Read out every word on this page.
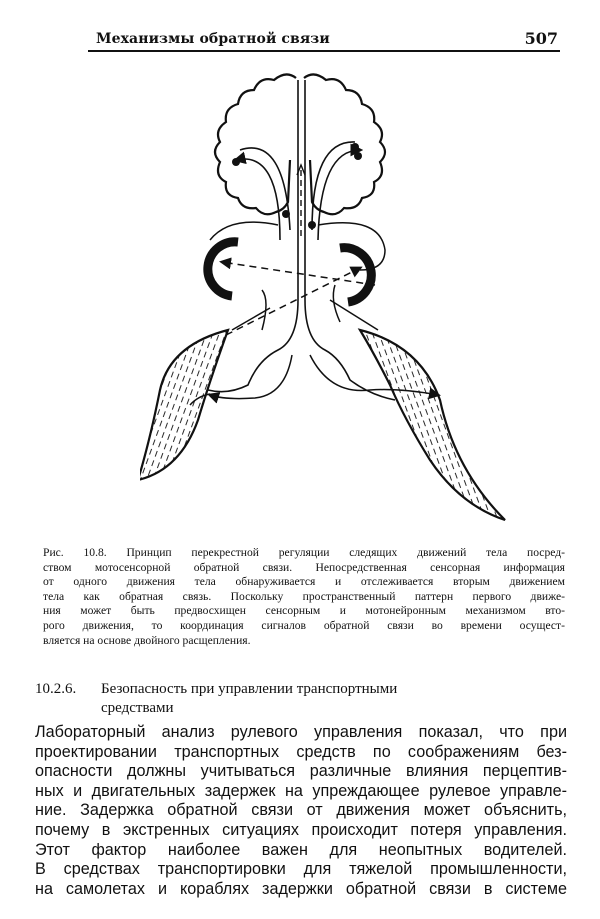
Механизмы обратной связи	507
Рис. 10.8. Принцип перекрестной регуляции следящих движений тела посред-
ством мотосенсорной обратной связи. Непосредственная сенсорная информация
от одного движения тела обнаруживается и отслеживается вторым движением
тела как обратная связь. Поскольку пространственный паттерн первого движе-
ния может быть предвосхищен сенсорным и мотонейронным механизмом вто-
рого движения, то координация сигналов обратной связи во времени осущест-
вляется на основе двойного расщепления.
10.2.6. Безопасность при управлении транспортными
средствами
Лабораторный анализ рулевого управления показал, что при
проектировании транспортных средств по соображениям без-
опасности должны учитываться различные влияния перцептив-
ных и двигательных задержек на упреждающее рулевое управле-
ние. Задержка обратной связи от движения может объяснить,
почему в экстренных ситуациях происходит потеря управления.
Этот фактор наиболее важен для неопытных водителей.
В средствах транспортировки для тяжелой промышленности,
на самолетах и кораблях задержки обратной связи в системе
